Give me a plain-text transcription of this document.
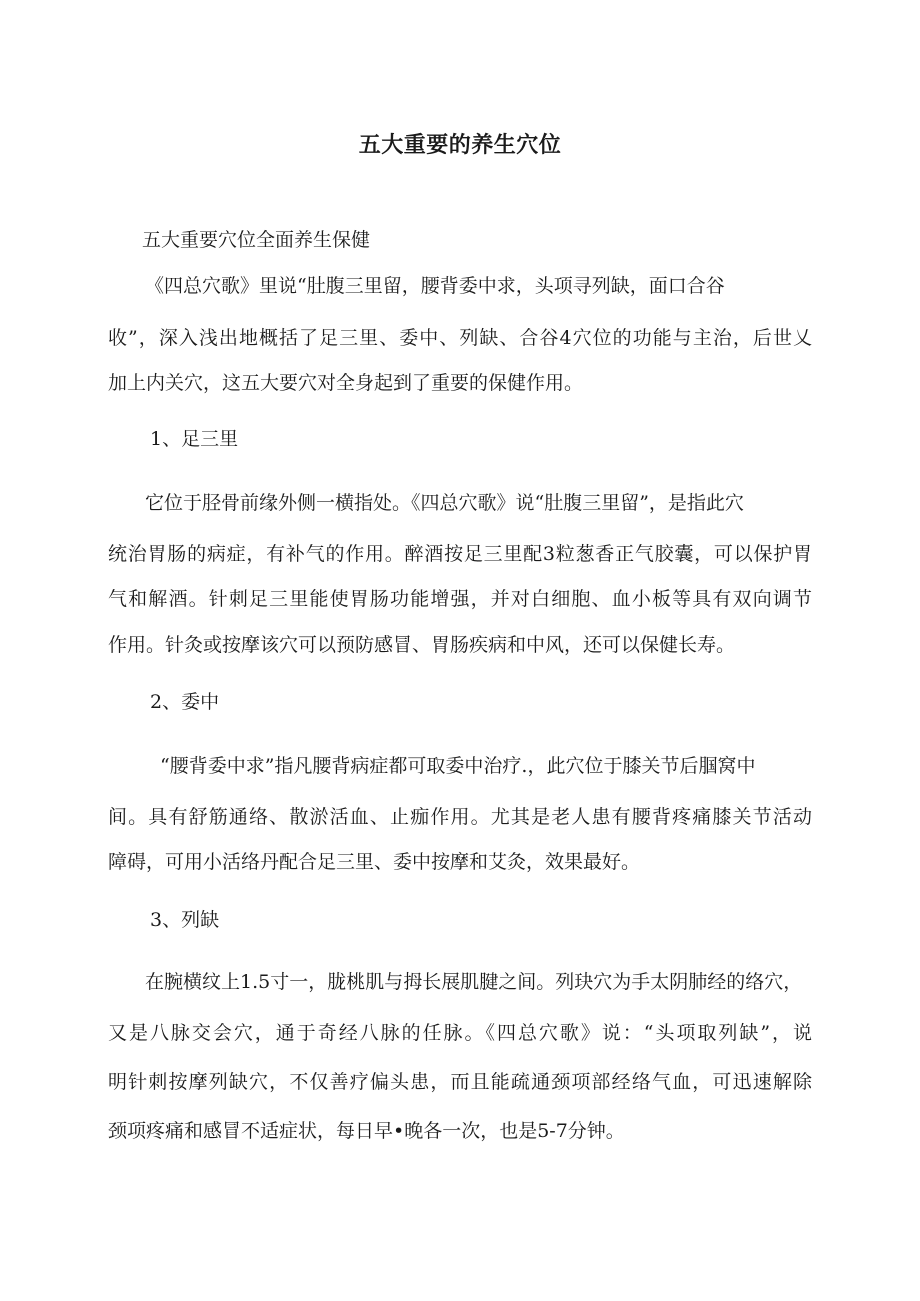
五大重要的养生穴位
五大重要穴位全面养生保健
《四总穴歌》里说“肚腹三里留，腰背委中求，头项寻列缺，面口合谷
收”，深入浅出地概括了足三里、委中、列缺、合谷4穴位的功能与主治，后世乂
加上内关穴，这五大要穴对全身起到了重要的保健作用。
1、足三里
它位于胫骨前缘外侧一横指处。《四总穴歌》说“肚腹三里留”，是指此穴
统治胃肠的病症，有补气的作用。醉酒按足三里配3粒葱香正气胶囊，可以保护胃
气和解酒。针刺足三里能使胃肠功能增强，并对白细胞、血小板等具有双向调节
作用。针灸或按摩该穴可以预防感冒、胃肠疾病和中风，还可以保健长寿。
2、委中
“腰背委中求”指凡腰背病症都可取委中治疗.，此穴位于膝关节后腘窝中
间。具有舒筋通络、散淤活血、止痂作用。尤其是老人患有腰背疼痛膝关节活动
障碍，可用小活络丹配合足三里、委中按摩和艾灸，效果最好。
3、列缺
在腕横纹上1.5寸一，胧桃肌与拇长展肌腱之间。列玦穴为手太阴肺经的络穴，
又是八脉交会穴，通于奇经八脉的任脉。《四总穴歌》说：“头项取列缺”，说
明针刺按摩列缺穴，不仅善疗偏头患，而且能疏通颈项部经络气血，可迅速解除
颈项疼痛和感冒不适症状，每日早•晚各一次，也是5-7分钟。
